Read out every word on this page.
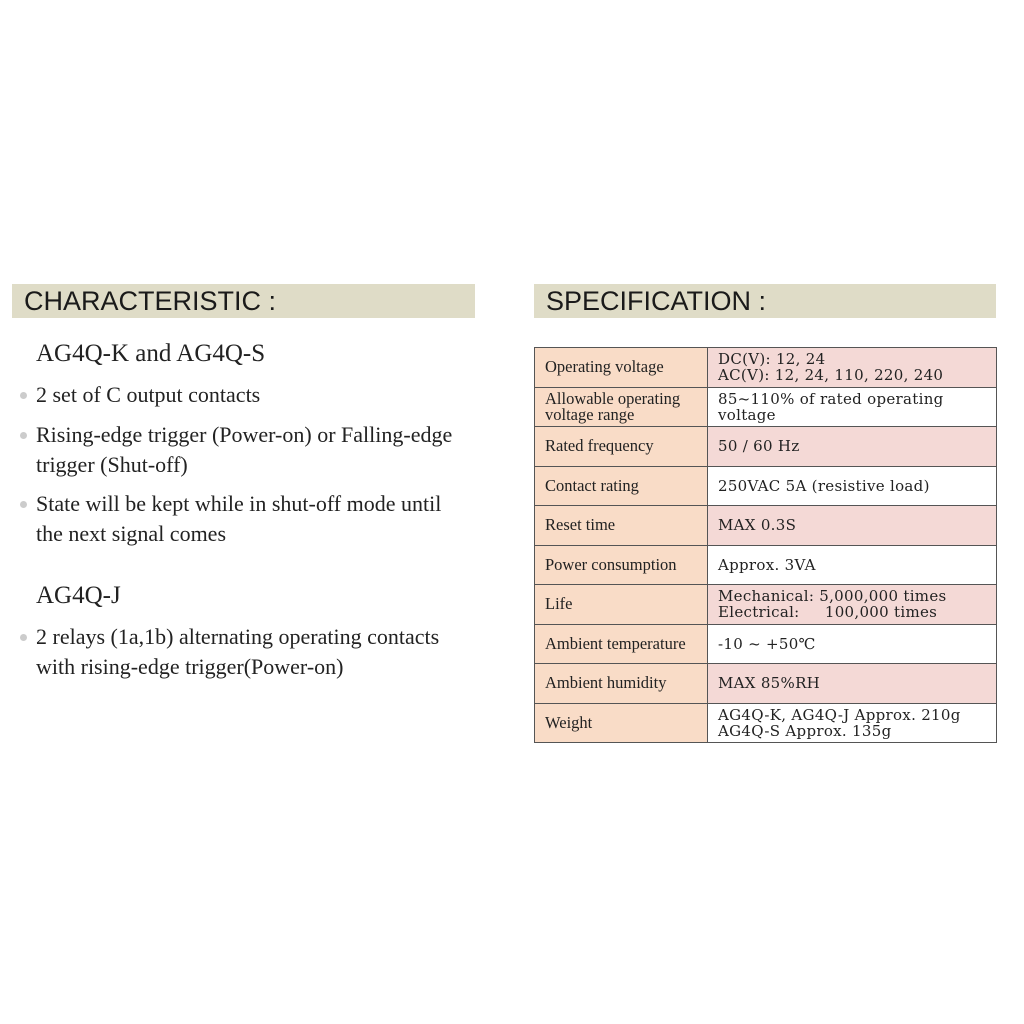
CHARACTERISTIC :	SPECIFICATION :
AG4Q-K and AG4Q-S
2 set of C output contacts
Rising-edge trigger (Power-on) or Falling-edge trigger (Shut-off)
State will be kept while in shut-off mode until the next signal comes
AG4Q-J
2 relays (1a,1b) alternating operating contacts with rising-edge trigger(Power-on)
Operating voltage	DC(V): 12, 24
AC(V): 12, 24, 110, 220, 240

Allowable operating voltage range	85~110% of rated operating voltage

Rated frequency	50 / 60 Hz

Contact rating	250VAC 5A (resistive load)

Reset time	MAX 0.3S

Power consumption	Approx. 3VA

Life	Mechanical: 5,000,000 times
Electrical:     100,000 times

Ambient temperature	-10 ~ +50℃

Ambient humidity	MAX 85%RH

Weight	AG4Q-K, AG4Q-J Approx. 210g
AG4Q-S Approx. 135g
